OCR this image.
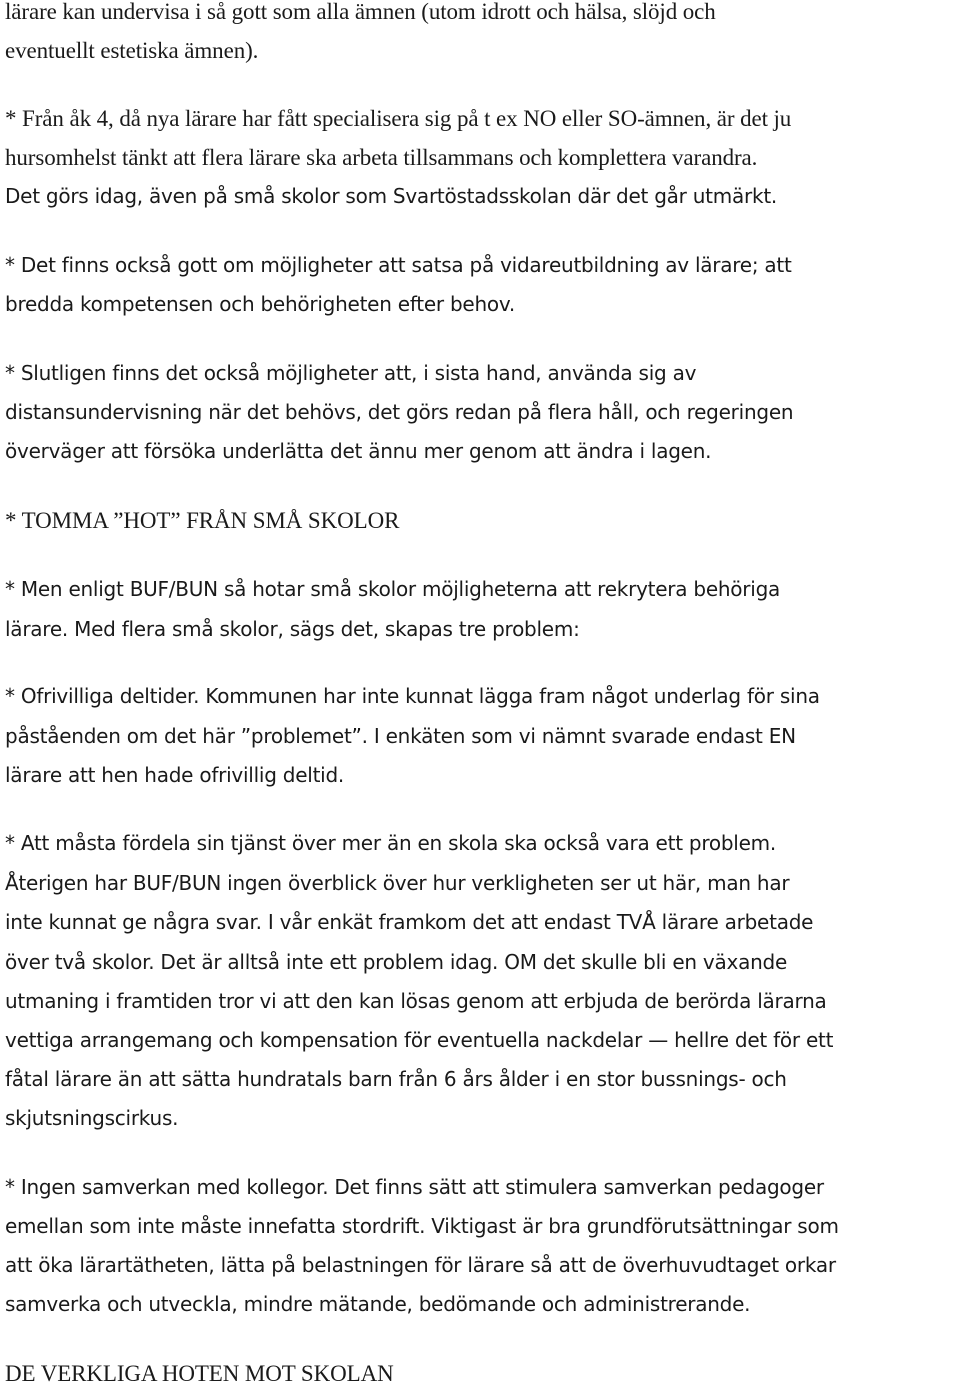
lärare kan undervisa i så gott som alla ämnen (utom idrott och hälsa, slöjd och
eventuellt estetiska ämnen).
* Från åk 4, då nya lärare har fått specialisera sig på t ex NO eller SO-ämnen, är det ju
hursomhelst tänkt att flera lärare ska arbeta tillsammans och komplettera varandra.
Det görs idag, även på små skolor som Svartöstadsskolan där det går utmärkt.
* Det finns också gott om möjligheter att satsa på vidareutbildning av lärare; att
bredda kompetensen och behörigheten efter behov.
* Slutligen finns det också möjligheter att, i sista hand, använda sig av
distansundervisning när det behövs, det görs redan på flera håll, och regeringen
överväger att försöka underlätta det ännu mer genom att ändra i lagen.
* TOMMA ”HOT” FRÅN SMÅ SKOLOR
* Men enligt BUF/BUN så hotar små skolor möjligheterna att rekrytera behöriga
lärare. Med flera små skolor, sägs det, skapas tre problem:
* Ofrivilliga deltider. Kommunen har inte kunnat lägga fram något underlag för sina
påståenden om det här ”problemet”. I enkäten som vi nämnt svarade endast EN
lärare att hen hade ofrivillig deltid.
* Att måsta fördela sin tjänst över mer än en skola ska också vara ett problem.
Återigen har BUF/BUN ingen överblick över hur verkligheten ser ut här, man har
inte kunnat ge några svar. I vår enkät framkom det att endast TVÅ lärare arbetade
över två skolor. Det är alltså inte ett problem idag. OM det skulle bli en växande
utmaning i framtiden tror vi att den kan lösas genom att erbjuda de berörda lärarna
vettiga arrangemang och kompensation för eventuella nackdelar — hellre det för ett
fåtal lärare än att sätta hundratals barn från 6 års ålder i en stor bussnings- och
skjutsningscirkus.
* Ingen samverkan med kollegor. Det finns sätt att stimulera samverkan pedagoger
emellan som inte måste innefatta stordrift. Viktigast är bra grundförutsättningar som
att öka lärartätheten, lätta på belastningen för lärare så att de överhuvudtaget orkar
samverka och utveckla, mindre mätande, bedömande och administrerande.
DE VERKLIGA HOTEN MOT SKOLAN
